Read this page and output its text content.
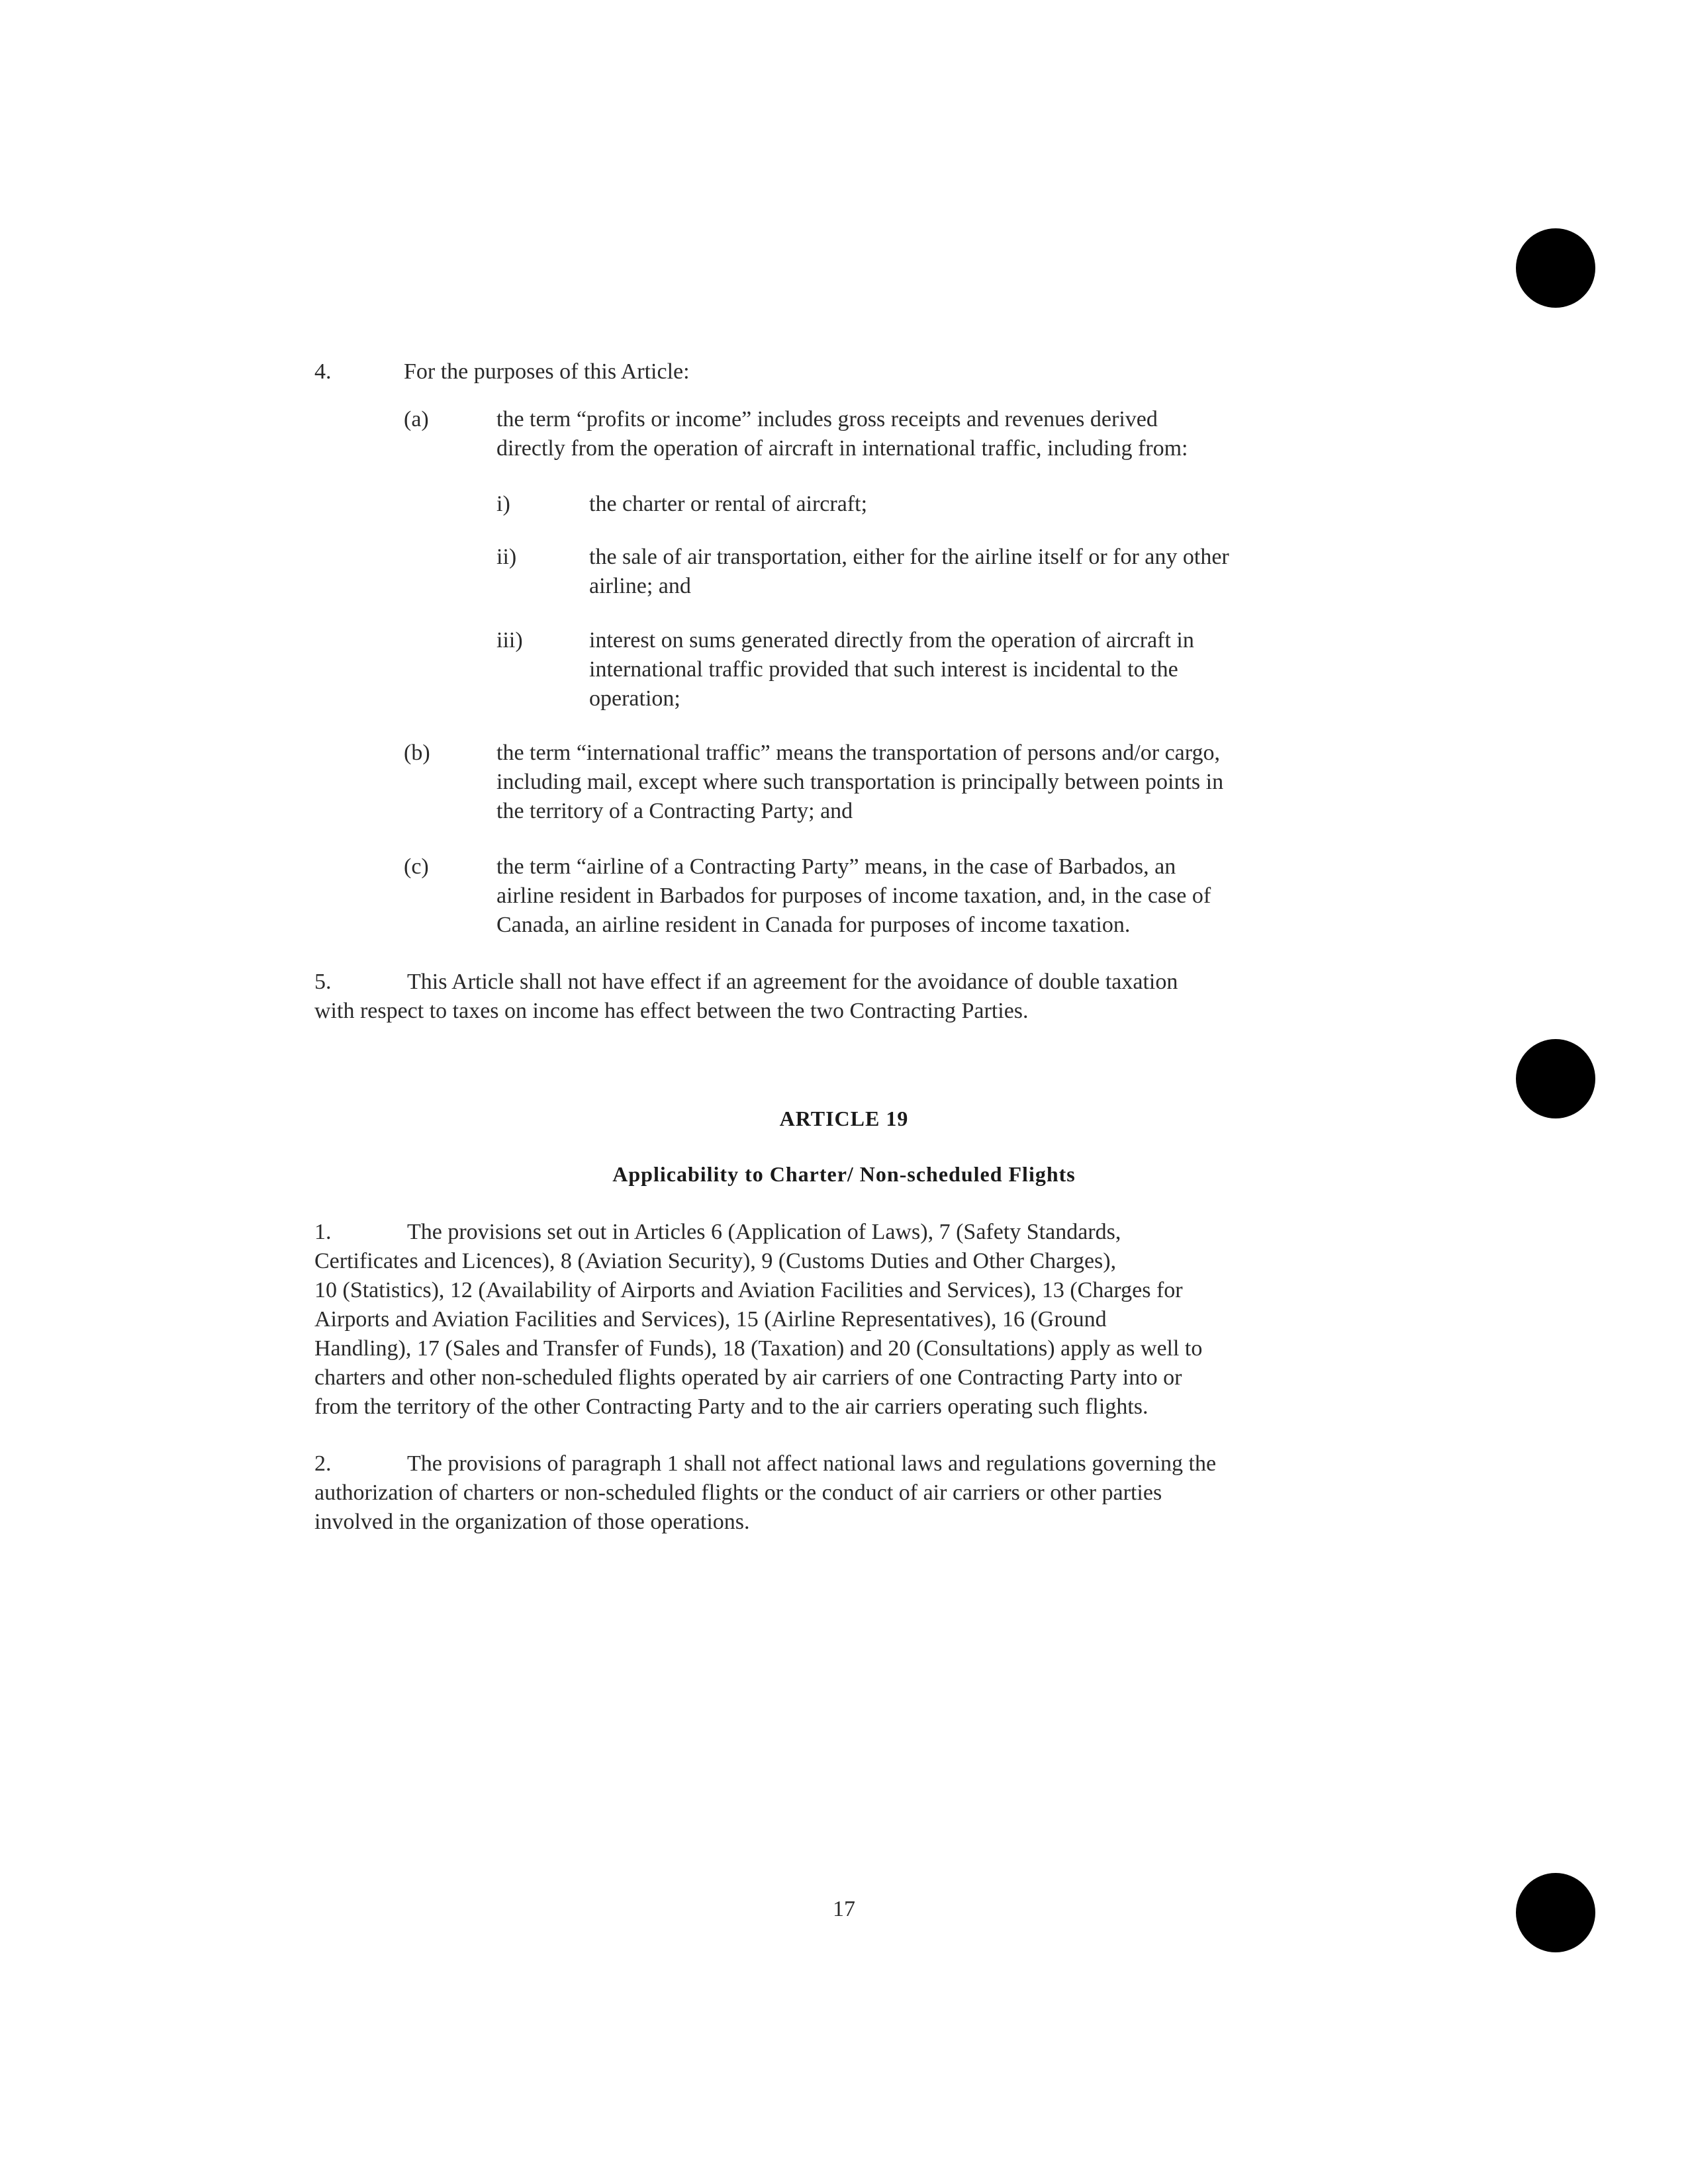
4.	For the purposes of this Article:
(a)	the term “profits or income” includes gross receipts and revenues derived
directly from the operation of aircraft in international traffic, including from:
i)	the charter or rental of aircraft;
ii)	the sale of air transportation, either for the airline itself or for any other
airline; and
iii)	interest on sums generated directly from the operation of aircraft in
international traffic provided that such interest is incidental to the
operation;
(b)	the term “international traffic” means the transportation of persons and/or cargo,
including mail, except where such transportation is principally between points in
the territory of a Contracting Party; and
(c)	the term “airline of a Contracting Party” means, in the case of Barbados, an
airline resident in Barbados for purposes of income taxation, and, in the case of
Canada, an airline resident in Canada for purposes of income taxation.
5.	This Article shall not have effect if an agreement for the avoidance of double taxation
with respect to taxes on income has effect between the two Contracting Parties.
ARTICLE 19
Applicability to Charter/ Non-scheduled Flights
1.	The provisions set out in Articles 6 (Application of Laws), 7 (Safety Standards,
Certificates and Licences), 8 (Aviation Security), 9 (Customs Duties and Other Charges),
10 (Statistics), 12 (Availability of Airports and Aviation Facilities and Services), 13 (Charges for
Airports and Aviation Facilities and Services), 15 (Airline Representatives), 16 (Ground
Handling), 17 (Sales and Transfer of Funds), 18 (Taxation) and 20 (Consultations) apply as well to
charters and other non-scheduled flights operated by air carriers of one Contracting Party into or
from the territory of the other Contracting Party and to the air carriers operating such flights.
2.	The provisions of paragraph 1 shall not affect national laws and regulations governing the
authorization of charters or non-scheduled flights or the conduct of air carriers or other parties
involved in the organization of those operations.
17
